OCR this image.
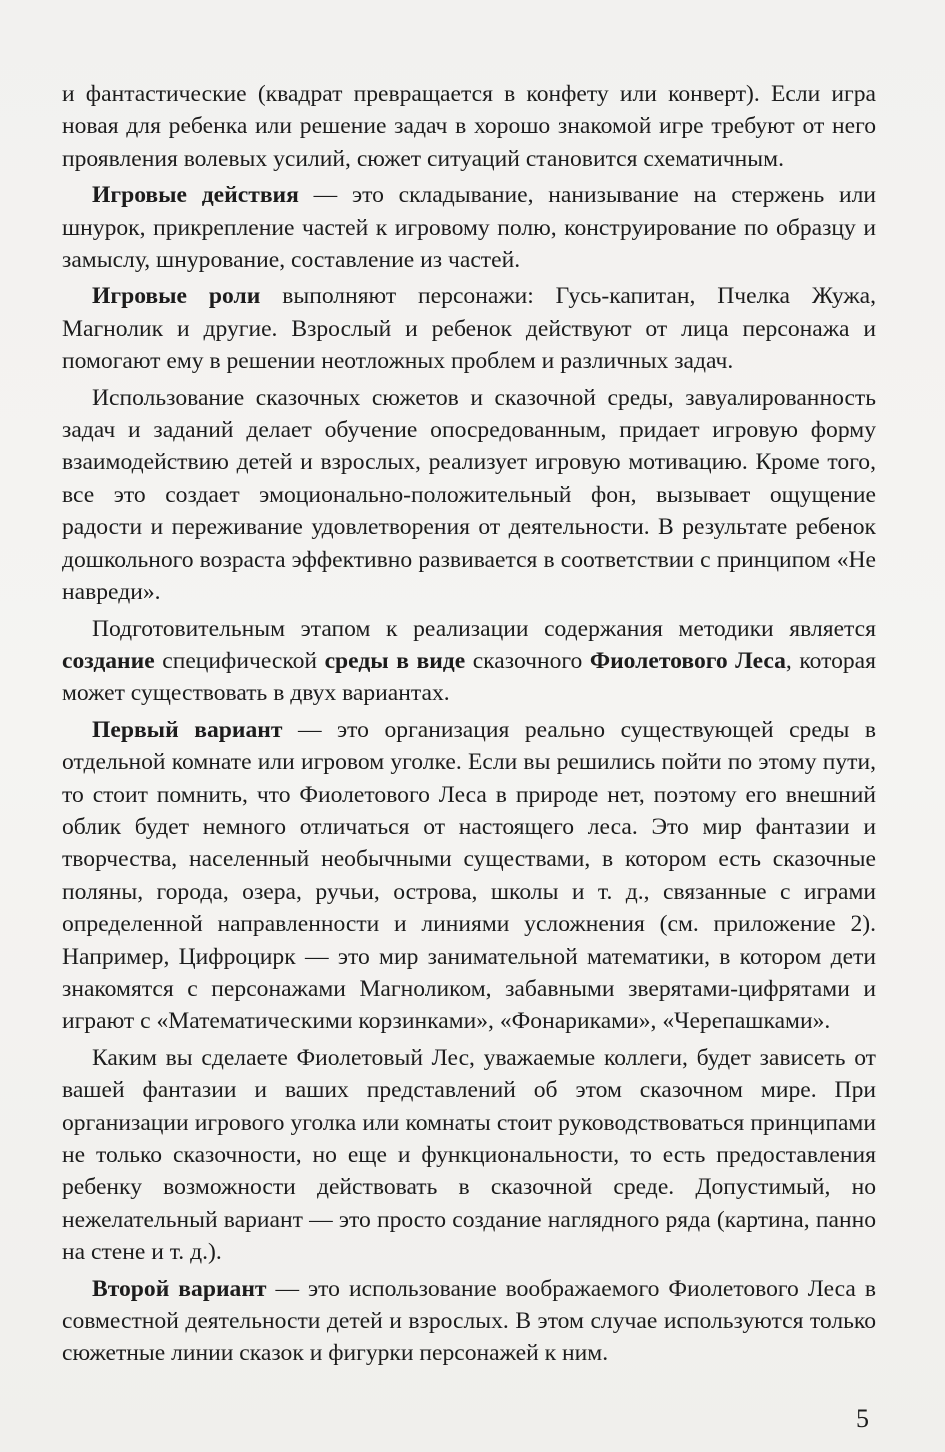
и фантастические (квадрат превращается в конфету или конверт). Если игра новая для ребенка или решение задач в хорошо знакомой игре требуют от него проявления волевых усилий, сюжет ситуаций становится схематичным.

Игровые действия — это складывание, нанизывание на стержень или шнурок, прикрепление частей к игровому полю, конструирование по образцу и замыслу, шнурование, составление из частей.

Игровые роли выполняют персонажи: Гусь-капитан, Пчелка Жужа, Магнолик и другие. Взрослый и ребенок действуют от лица персонажа и помогают ему в решении неотложных проблем и различных задач.

Использование сказочных сюжетов и сказочной среды, завуалированность задач и заданий делает обучение опосредованным, придает игровую форму взаимодействию детей и взрослых, реализует игровую мотивацию. Кроме того, все это создает эмоционально-положительный фон, вызывает ощущение радости и переживание удовлетворения от деятельности. В результате ребенок дошкольного возраста эффективно развивается в соответствии с принципом «Не навреди».

Подготовительным этапом к реализации содержания методики является создание специфической среды в виде сказочного Фиолетового Леса, которая может существовать в двух вариантах.

Первый вариант — это организация реально существующей среды в отдельной комнате или игровом уголке. Если вы решились пойти по этому пути, то стоит помнить, что Фиолетового Леса в природе нет, поэтому его внешний облик будет немного отличаться от настоящего леса. Это мир фантазии и творчества, населенный необычными существами, в котором есть сказочные поляны, города, озера, ручьи, острова, школы и т. д., связанные с играми определенной направленности и линиями усложнения (см. приложение 2). Например, Цифроцирк — это мир занимательной математики, в котором дети знакомятся с персонажами Магноликом, забавными зверятами-цифрятами и играют с «Математическими корзинками», «Фонариками», «Черепашками».

Каким вы сделаете Фиолетовый Лес, уважаемые коллеги, будет зависеть от вашей фантазии и ваших представлений об этом сказочном мире. При организации игрового уголка или комнаты стоит руководствоваться принципами не только сказочности, но еще и функциональности, то есть предоставления ребенку возможности действовать в сказочной среде. Допустимый, но нежелательный вариант — это просто создание наглядного ряда (картина, панно на стене и т. д.).

Второй вариант — это использование воображаемого Фиолетового Леса в совместной деятельности детей и взрослых. В этом случае используются только сюжетные линии сказок и фигурки персонажей к ним.

5
